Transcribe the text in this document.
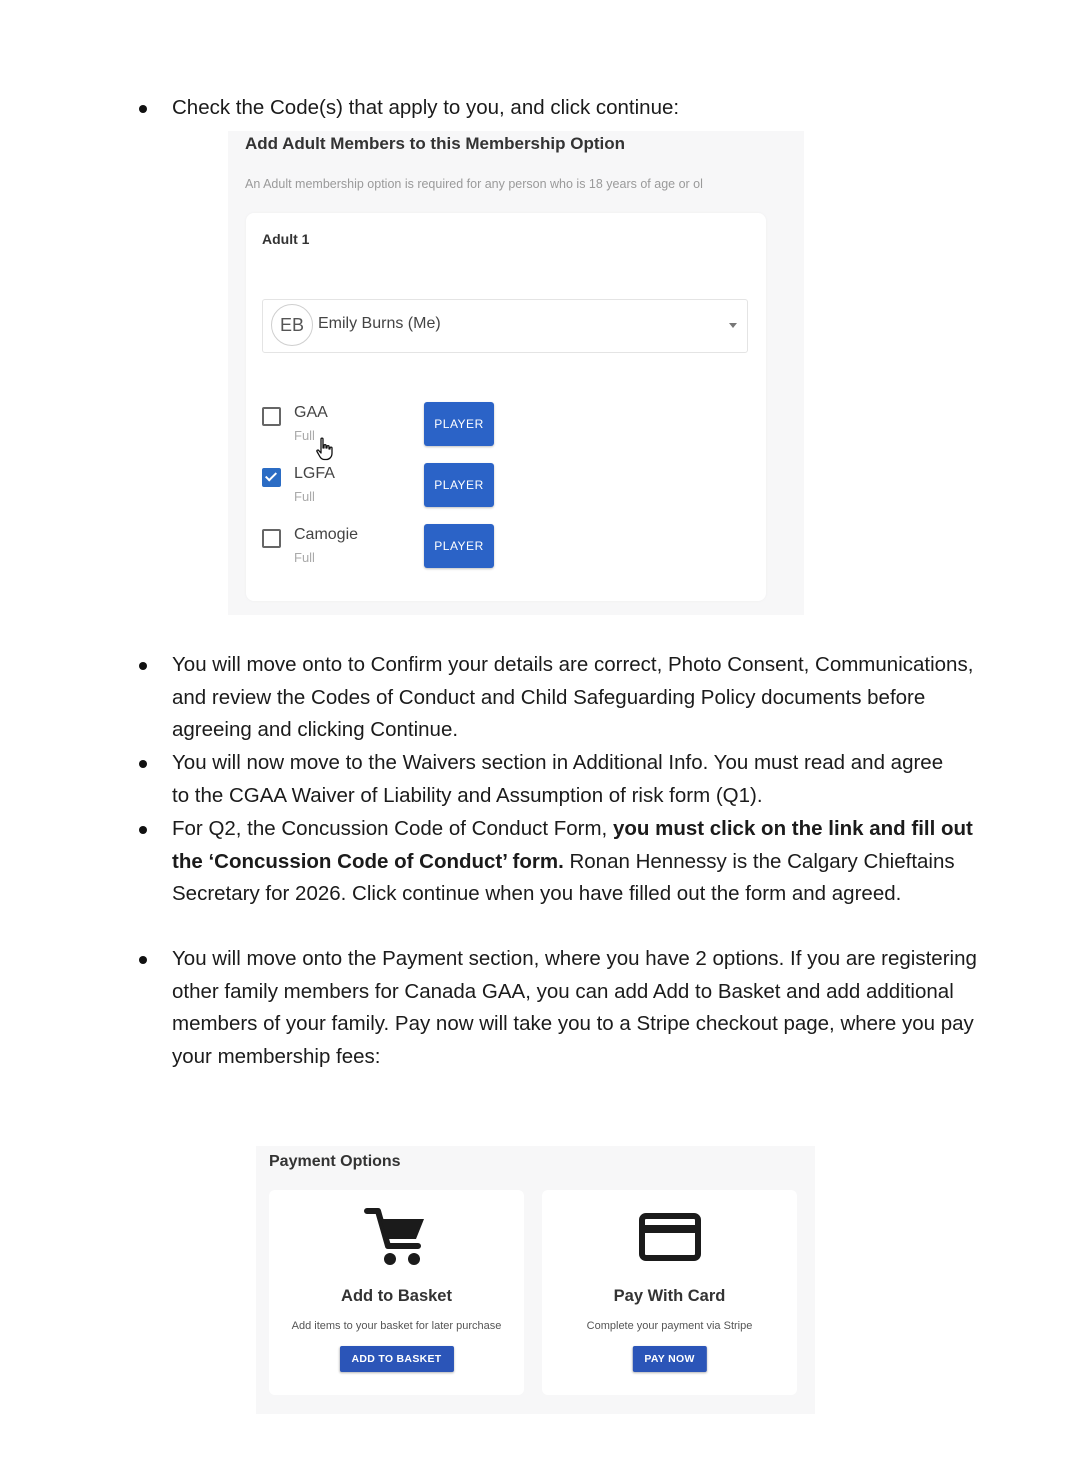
Check the Code(s) that apply to you, and click continue:
Add Adult Members to this Membership Option
An Adult membership option is required for any person who is 18 years of age or ol
Adult 1
EB Emily Burns (Me)
GAA
Full
PLAYER
LGFA
Full
PLAYER
Camogie
Full
PLAYER
You will move onto to Confirm your details are correct, Photo Consent, Communications, and review the Codes of Conduct and Child Safeguarding Policy documents before agreeing and clicking Continue.
You will now move to the Waivers section in Additional Info. You must read and agree to the CGAA Waiver of Liability and Assumption of risk form (Q1).
For Q2, the Concussion Code of Conduct Form, you must click on the link and fill out the ‘Concussion Code of Conduct’ form. Ronan Hennessy is the Calgary Chieftains Secretary for 2026. Click continue when you have filled out the form and agreed.
You will move onto the Payment section, where you have 2 options. If you are registering other family members for Canada GAA, you can add Add to Basket and add additional members of your family. Pay now will take you to a Stripe checkout page, where you pay your membership fees:
Payment Options
Add to Basket
Add items to your basket for later purchase
ADD TO BASKET
Pay With Card
Complete your payment via Stripe
PAY NOW
